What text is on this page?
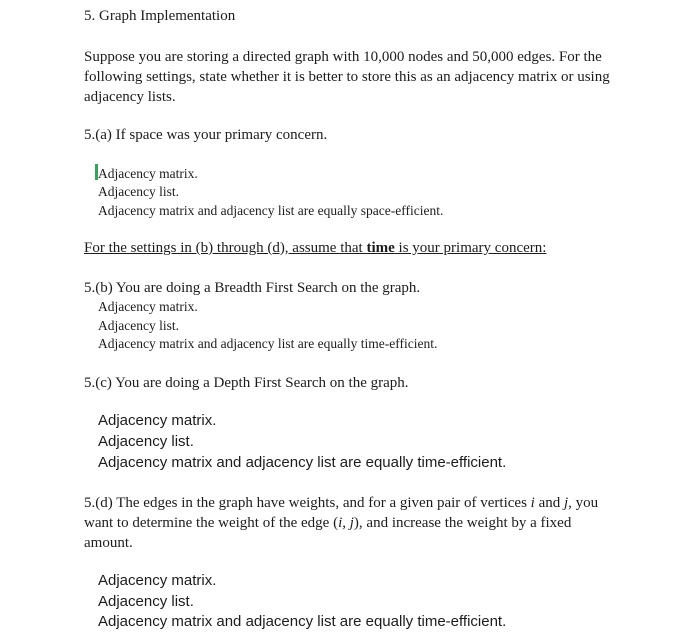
5. Graph Implementation
Suppose you are storing a directed graph with 10,000 nodes and 50,000 edges. For the following settings, state whether it is better to store this as an adjacency matrix or using adjacency lists.
5.(a) If space was your primary concern.
Adjacency matrix.
Adjacency list.
Adjacency matrix and adjacency list are equally space-efficient.
For the settings in (b) through (d), assume that time is your primary concern:
5.(b) You are doing a Breadth First Search on the graph.
Adjacency matrix.
Adjacency list.
Adjacency matrix and adjacency list are equally time-efficient.
5.(c) You are doing a Depth First Search on the graph.
Adjacency matrix.
Adjacency list.
Adjacency matrix and adjacency list are equally time-efficient.
5.(d) The edges in the graph have weights, and for a given pair of vertices i and j, you want to determine the weight of the edge (i, j), and increase the weight by a fixed amount.
Adjacency matrix.
Adjacency list.
Adjacency matrix and adjacency list are equally time-efficient.
